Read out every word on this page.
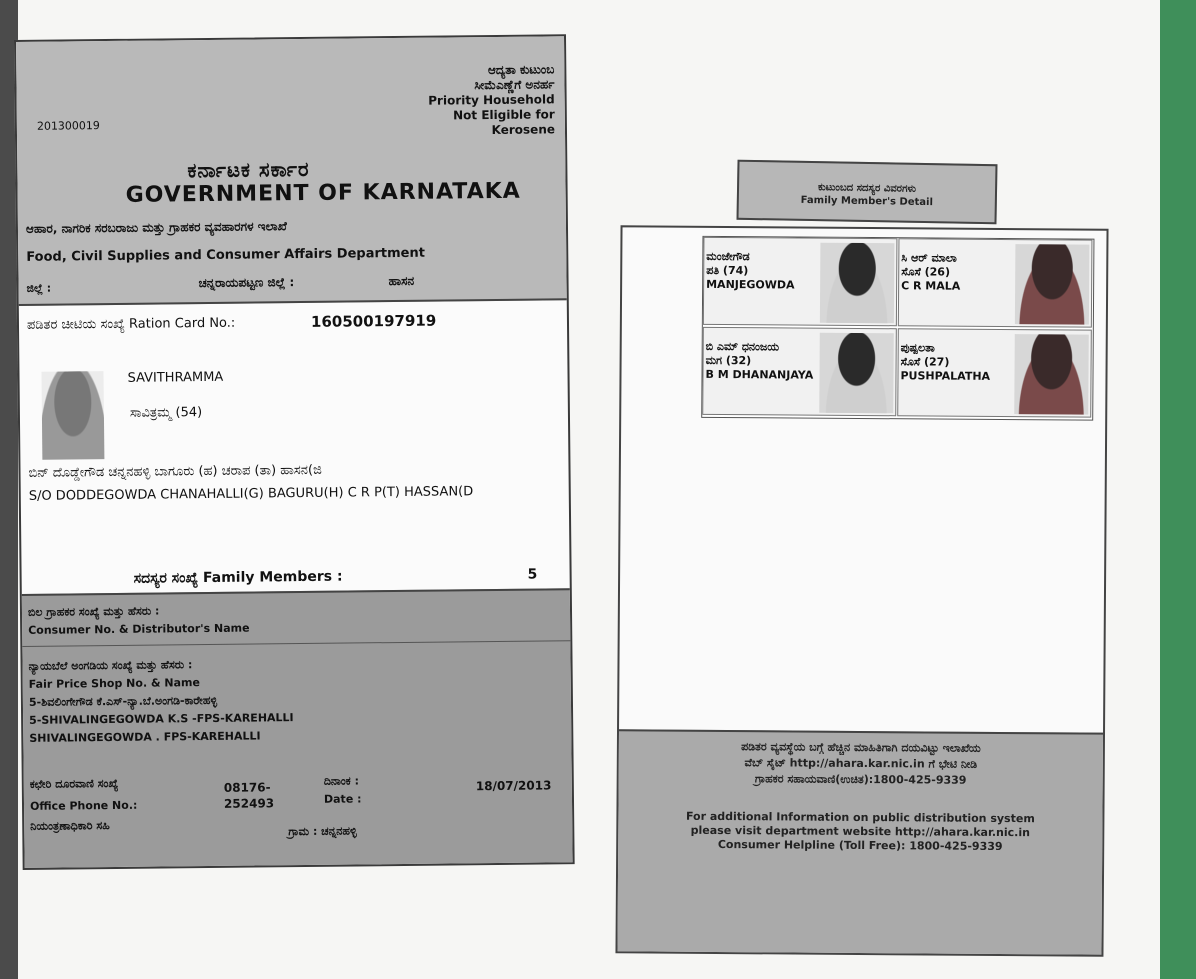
201300019
ಆದ್ಯತಾ ಕುಟುಂಬ
ಸೀಮೆಎಣ್ಣೆಗೆ ಅನರ್ಹ
Priority Household
Not Eligible for
Kerosene
ಕರ್ನಾಟಕ ಸರ್ಕಾರ
GOVERNMENT OF KARNATAKA
ಆಹಾರ, ನಾಗರಿಕ ಸರಬರಾಜು ಮತ್ತು ಗ್ರಾಹಕರ ವ್ಯವಹಾರಗಳ ಇಲಾಖೆ
Food, Civil Supplies and Consumer Affairs Department
ಜಿಲ್ಲೆ :	ಚನ್ನರಾಯಪಟ್ಟಣ ಜಿಲ್ಲೆ :	ಹಾಸನ
ಪಡಿತರ ಚೀಟಿಯ ಸಂಖ್ಯೆ Ration Card No.:	160500197919
SAVITHRAMMA
ಸಾವಿತ್ರಮ್ಮ (54)
ಬಿನ್ ದೊಡ್ಡೇಗೌಡ ಚನ್ನನಹಳ್ಳಿ ಬಾಗೂರು (ಹ) ಚರಾಪ (ತಾ) ಹಾಸನ(ಜಿ
S/O DODDEGOWDA CHANAHALLI(G) BAGURU(H) C R P(T) HASSAN(D
ಸದಸ್ಯರ ಸಂಖ್ಯೆ Family Members :	5
ಬಿಲ ಗ್ರಾಹಕರ ಸಂಖ್ಯೆ ಮತ್ತು ಹೆಸರು :
Consumer No. & Distributor's Name
ನ್ಯಾಯಬೆಲೆ ಅಂಗಡಿಯ ಸಂಖ್ಯೆ ಮತ್ತು ಹೆಸರು :
Fair Price Shop No. & Name
5-ಶಿವಲಿಂಗೇಗೌಡ ಕೆ.ಎಸ್-ನ್ಯಾ.ಬೆ.ಅಂಗಡಿ-ಕಾರೇಹಳ್ಳಿ
5-SHIVALINGEGOWDA K.S -FPS-KAREHALLI
SHIVALINGEGOWDA . FPS-KAREHALLI
ಕಛೇರಿ ದೂರವಾಣಿ ಸಂಖ್ಯೆ
Office Phone No.:
08176-
252493
ದಿನಾಂಕ :
Date :
18/07/2013
ನಿಯಂತ್ರಣಾಧಿಕಾರಿ ಸಹಿ	ಗ್ರಾಮ : ಚನ್ನನಹಳ್ಳಿ
ಕುಟುಂಬದ ಸದಸ್ಯರ ವಿವರಗಳು
Family Member's Detail
ಮಂಜೇಗೌಡ
ಪತಿ (74)
MANJEGOWDA
ಸಿ ಆರ್ ಮಾಲಾ
ಸೊಸೆ (26)
C R MALA
ಬಿ ಎಮ್ ಧನಂಜಯ
ಮಗ (32)
B M DHANANJAYA
ಪುಷ್ಪಲತಾ
ಸೊಸೆ (27)
PUSHPALATHA
ಪಡಿತರ ವ್ಯವಸ್ಥೆಯ ಬಗ್ಗೆ ಹೆಚ್ಚಿನ ಮಾಹಿತಿಗಾಗಿ ದಯವಿಟ್ಟು ಇಲಾಖೆಯ
ವೆಬ್ ಸೈಟ್ http://ahara.kar.nic.in ಗೆ ಭೇಟಿ ನೀಡಿ
ಗ್ರಾಹಕರ ಸಹಾಯವಾಣಿ(ಉಚಿತ):1800-425-9339
For additional Information on public distribution system
please visit department website http://ahara.kar.nic.in
Consumer Helpline (Toll Free): 1800-425-9339
